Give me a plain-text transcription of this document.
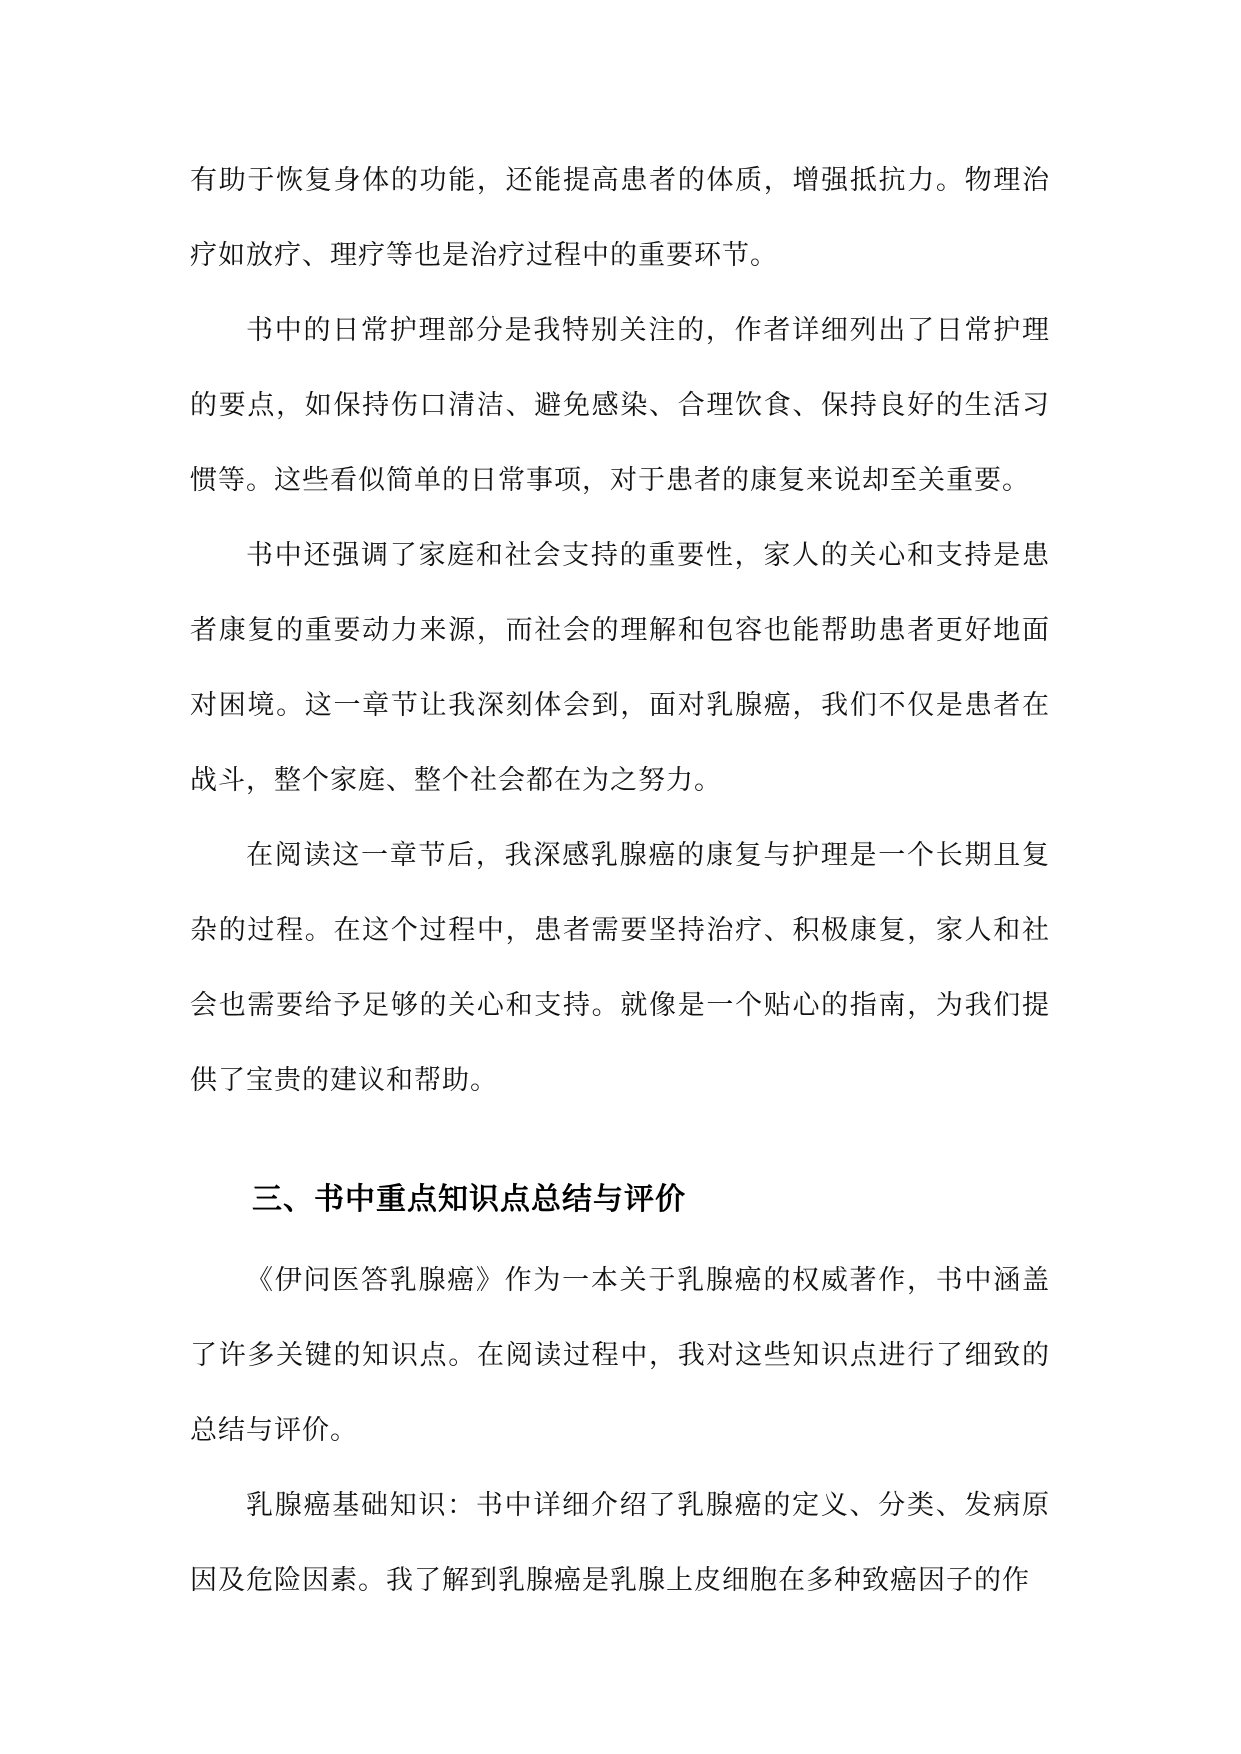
有助于恢复身体的功能，还能提高患者的体质，增强抵抗力。物理治疗如放疗、理疗等也是治疗过程中的重要环节。

书中的日常护理部分是我特别关注的，作者详细列出了日常护理的要点，如保持伤口清洁、避免感染、合理饮食、保持良好的生活习惯等。这些看似简单的日常事项，对于患者的康复来说却至关重要。

书中还强调了家庭和社会支持的重要性，家人的关心和支持是患者康复的重要动力来源，而社会的理解和包容也能帮助患者更好地面对困境。这一章节让我深刻体会到，面对乳腺癌，我们不仅是患者在战斗，整个家庭、整个社会都在为之努力。

在阅读这一章节后，我深感乳腺癌的康复与护理是一个长期且复杂的过程。在这个过程中，患者需要坚持治疗、积极康复，家人和社会也需要给予足够的关心和支持。就像是一个贴心的指南，为我们提供了宝贵的建议和帮助。

三、书中重点知识点总结与评价

《伊问医答乳腺癌》作为一本关于乳腺癌的权威著作，书中涵盖了许多关键的知识点。在阅读过程中，我对这些知识点进行了细致的总结与评价。

乳腺癌基础知识：书中详细介绍了乳腺癌的定义、分类、发病原因及危险因素。我了解到乳腺癌是乳腺上皮细胞在多种致癌因子的作
